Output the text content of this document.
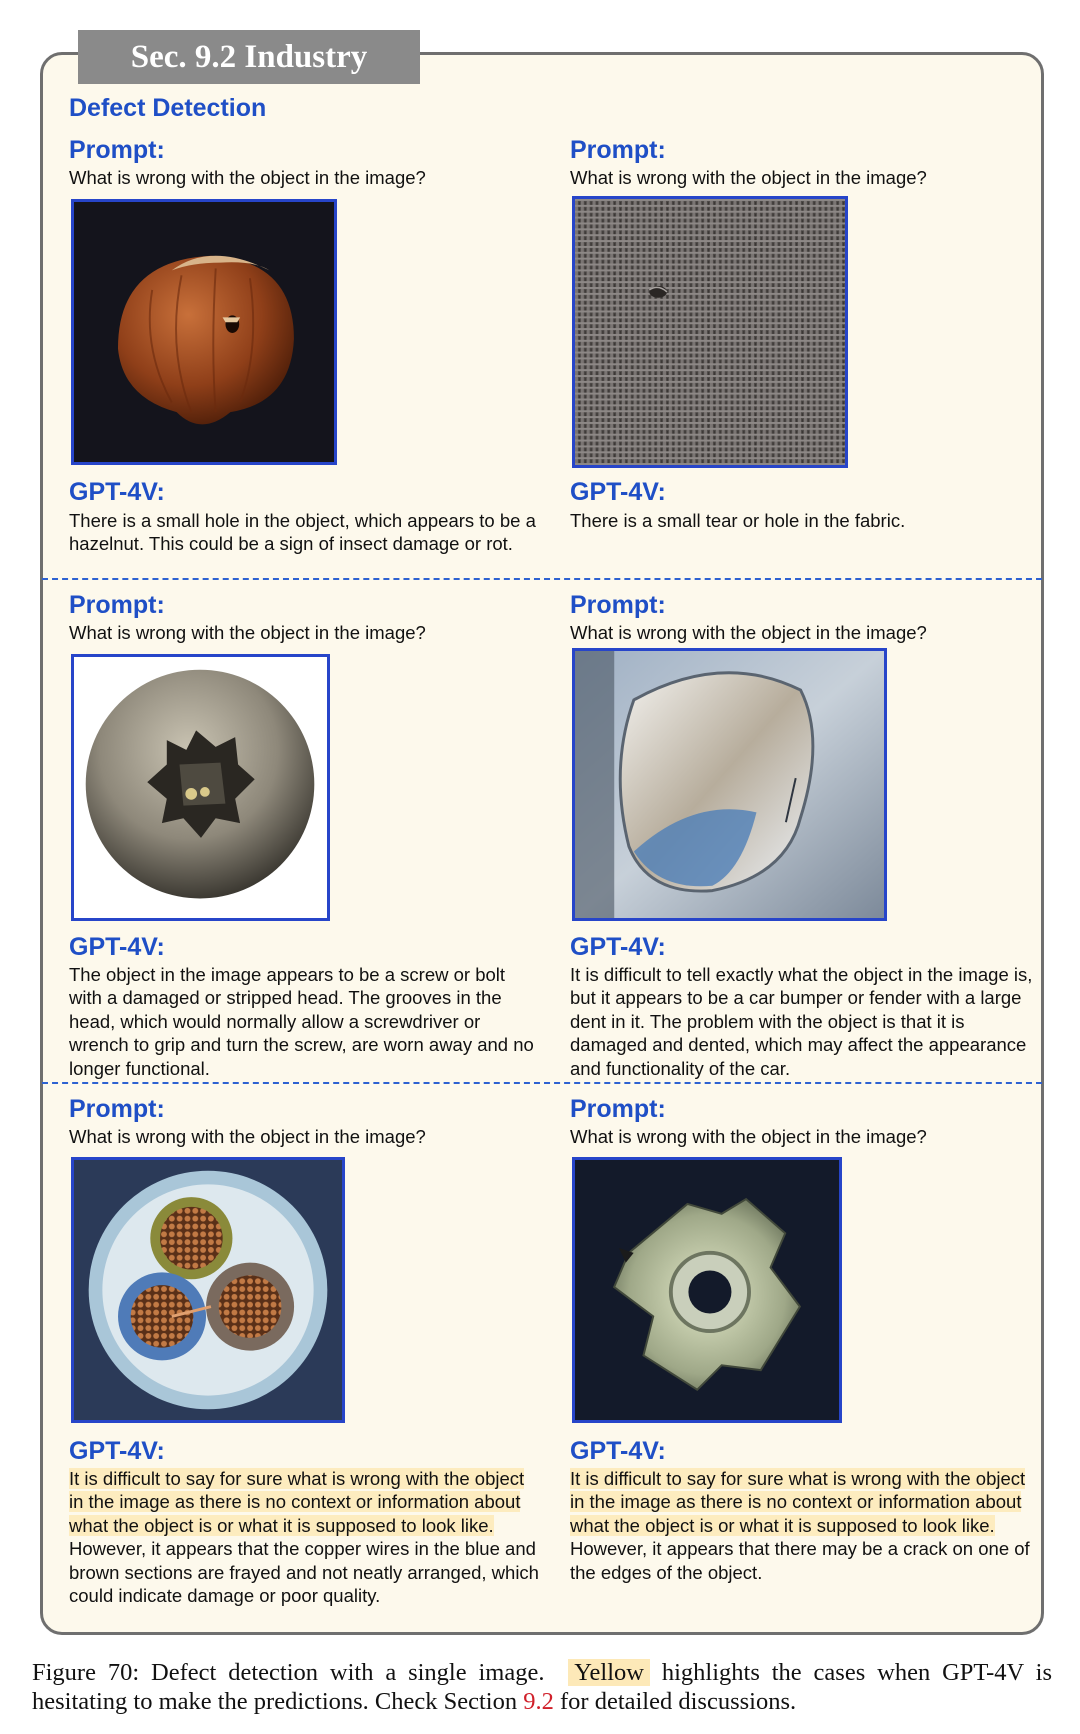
Sec. 9.2 Industry
Defect Detection
Prompt:
What is wrong with the object in the image?
GPT-4V:
There is a small hole in the object, which appears to be a hazelnut. This could be a sign of insect damage or rot.
Prompt:
What is wrong with the object in the image?
GPT-4V:
There is a small tear or hole in the fabric.
Prompt:
What is wrong with the object in the image?
GPT-4V:
The object in the image appears to be a screw or bolt with a damaged or stripped head. The grooves in the head, which would normally allow a screwdriver or wrench to grip and turn the screw, are worn away and no longer functional.
Prompt:
What is wrong with the object in the image?
GPT-4V:
It is difficult to tell exactly what the object in the image is, but it appears to be a car bumper or fender with a large dent in it. The problem with the object is that it is damaged and dented, which may affect the appearance and functionality of the car.
Prompt:
What is wrong with the object in the image?
GPT-4V:
It is difficult to say for sure what is wrong with the object in the image as there is no context or information about what the object is or what it is supposed to look like. However, it appears that the copper wires in the blue and brown sections are frayed and not neatly arranged, which could indicate damage or poor quality.
Prompt:
What is wrong with the object in the image?
GPT-4V:
It is difficult to say for sure what is wrong with the object in the image as there is no context or information about what the object is or what it is supposed to look like. However, it appears that there may be a crack on one of the edges of the object.
Figure 70: Defect detection with a single image. Yellow highlights the cases when GPT-4V is hesitating to make the predictions. Check Section 9.2 for detailed discussions.
